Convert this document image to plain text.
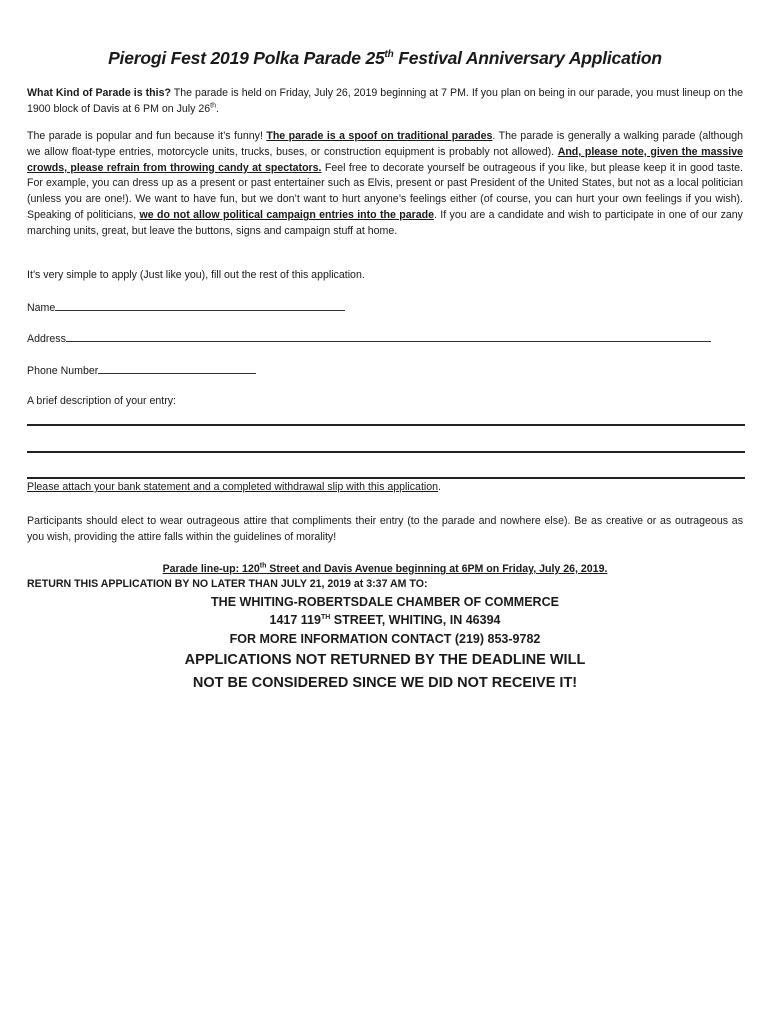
Pierogi Fest 2019 Polka Parade 25th Festival Anniversary Application
What Kind of Parade is this? The parade is held on Friday, July 26, 2019 beginning at 7 PM. If you plan on being in our parade, you must lineup on the 1900 block of Davis at 6 PM on July 26th.
The parade is popular and fun because it’s funny! The parade is a spoof on traditional parades. The parade is generally a walking parade (although we allow float-type entries, motorcycle units, trucks, buses, or construction equipment is probably not allowed). And, please note, given the massive crowds, please refrain from throwing candy at spectators. Feel free to decorate yourself be outrageous if you like, but please keep it in good taste. For example, you can dress up as a present or past entertainer such as Elvis, present or past President of the United States, but not as a local politician (unless you are one!). We want to have fun, but we don’t want to hurt anyone’s feelings either (of course, you can hurt your own feelings if you wish). Speaking of politicians, we do not allow political campaign entries into the parade. If you are a candidate and wish to participate in one of our zany marching units, great, but leave the buttons, signs and campaign stuff at home.
It’s very simple to apply (Just like you), fill out the rest of this application.
Name
Address
Phone Number
A brief description of your entry:
Please attach your bank statement and a completed withdrawal slip with this application.
Participants should elect to wear outrageous attire that compliments their entry (to the parade and nowhere else). Be as creative or as outrageous as you wish, providing the attire falls within the guidelines of morality!
Parade line-up: 120th Street and Davis Avenue beginning at 6PM on Friday, July 26, 2019.
RETURN THIS APPLICATION BY NO LATER THAN JULY 21, 2019 at 3:37 AM TO:
THE WHITING-ROBERTSDALE CHAMBER OF COMMERCE
1417 119TH STREET, WHITING, IN 46394
FOR MORE INFORMATION CONTACT (219) 853-9782
APPLICATIONS NOT RETURNED BY THE DEADLINE WILL
NOT BE CONSIDERED SINCE WE DID NOT RECEIVE IT!
